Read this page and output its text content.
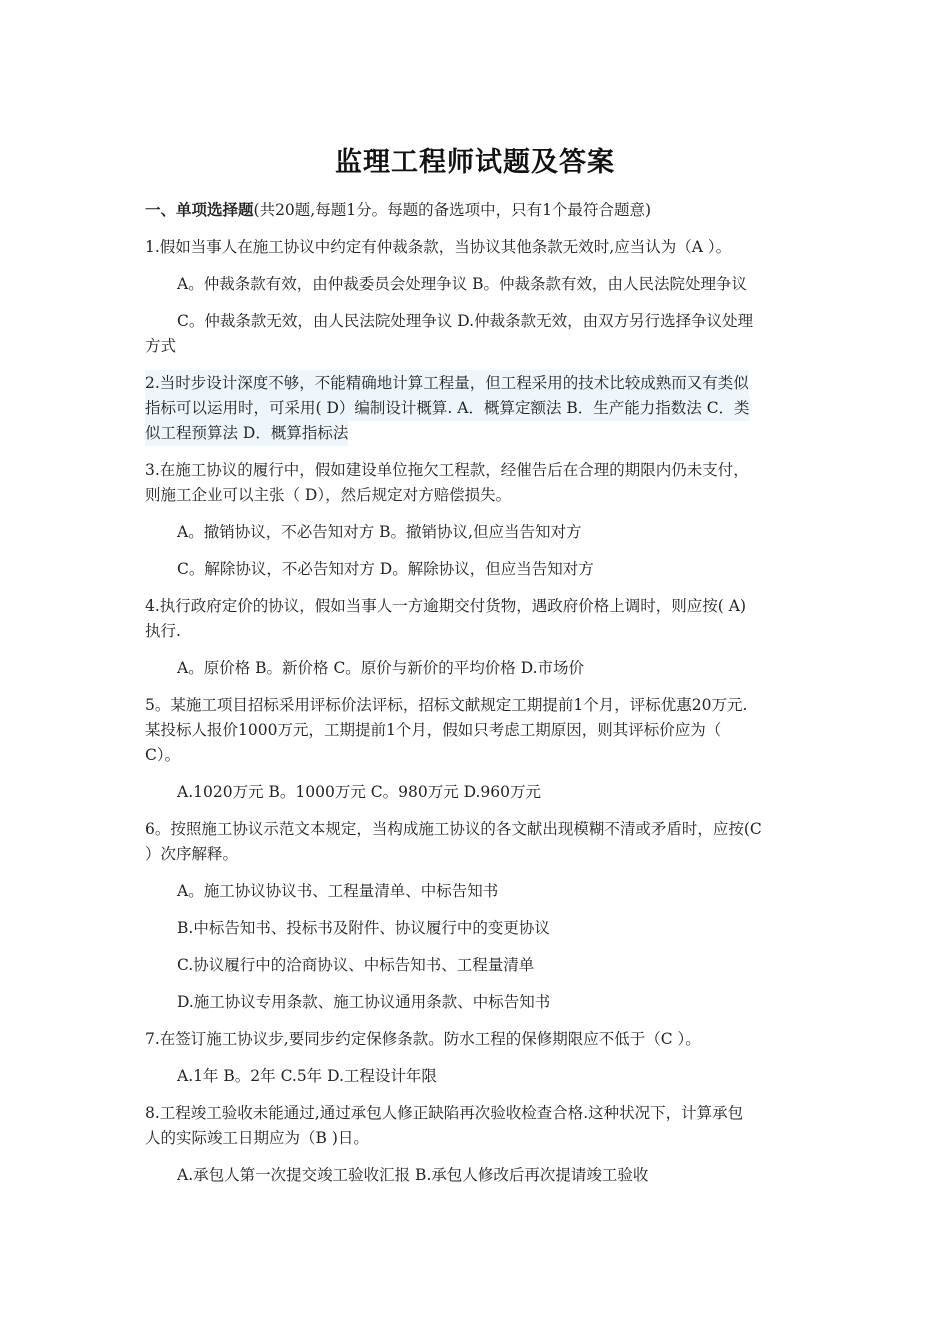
监理工程师试题及答案
一、单项选择题(共20题,每题1分。每题的备选项中，只有1个最符合题意)
1.假如当事人在施工协议中约定有仲裁条款，当协议其他条款无效时,应当认为（A ）。
A。仲裁条款有效，由仲裁委员会处理争议 B。仲裁条款有效，由人民法院处理争议
C。仲裁条款无效，由人民法院处理争议 D.仲裁条款无效，由双方另行选择争议处理
方式
2.当时步设计深度不够，不能精确地计算工程量，但工程采用的技术比较成熟而又有类似
指标可以运用时，可采用( D）编制设计概算. A．概算定额法 B．生产能力指数法 C．类
似工程预算法 D．概算指标法
3.在施工协议的履行中，假如建设单位拖欠工程款，经催告后在合理的期限内仍未支付，
则施工企业可以主张（ D），然后规定对方赔偿损失。
A。撤销协议，不必告知对方 B。撤销协议,但应当告知对方
C。解除协议，不必告知对方 D。解除协议，但应当告知对方
4.执行政府定价的协议，假如当事人一方逾期交付货物，遇政府价格上调时，则应按( A)
执行.
A。原价格 B。新价格 C。原价与新价的平均价格 D.市场价
5。某施工项目招标采用评标价法评标，招标文献规定工期提前1个月，评标优惠20万元.
某投标人报价1000万元，工期提前1个月，假如只考虑工期原因，则其评标价应为（
C）。
A.1020万元 B。1000万元 C。980万元 D.960万元
6。按照施工协议示范文本规定，当构成施工协议的各文献出现模糊不清或矛盾时，应按(C
）次序解释。
A。施工协议协议书、工程量清单、中标告知书
B.中标告知书、投标书及附件、协议履行中的变更协议
C.协议履行中的洽商协议、中标告知书、工程量清单
D.施工协议专用条款、施工协议通用条款、中标告知书
7.在签订施工协议步,要同步约定保修条款。防水工程的保修期限应不低于（C ）。
A.1年 B。2年 C.5年 D.工程设计年限
8.工程竣工验收未能通过,通过承包人修正缺陷再次验收检查合格.这种状况下，计算承包
人的实际竣工日期应为（B )日。
A.承包人第一次提交竣工验收汇报 B.承包人修改后再次提请竣工验收
